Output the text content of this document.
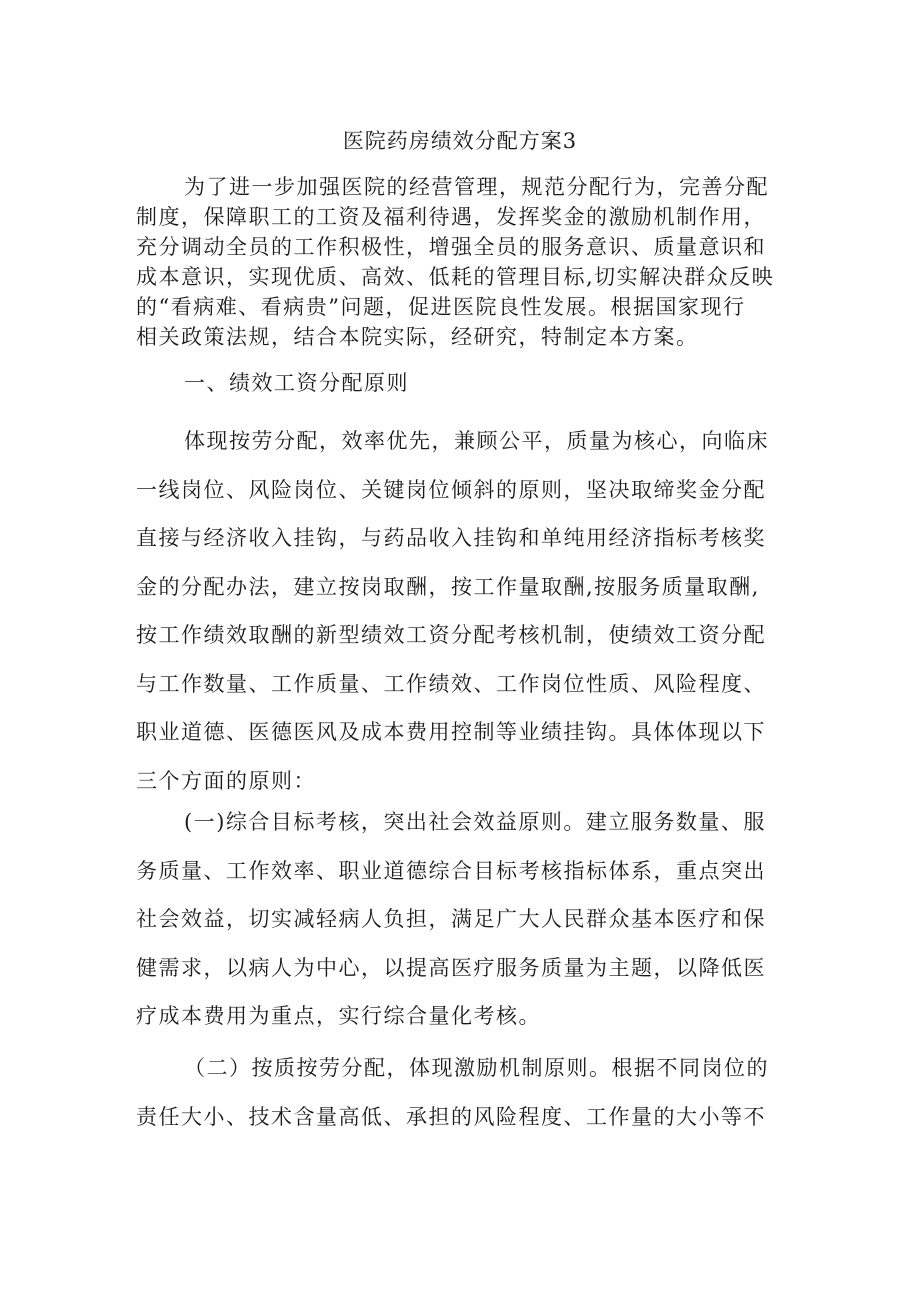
医院药房绩效分配方案3
为了进一步加强医院的经营管理，规范分配行为，完善分配
制度，保障职工的工资及福利待遇，发挥奖金的激励机制作用，
充分调动全员的工作积极性，增强全员的服务意识、质量意识和
成本意识，实现优质、高效、低耗的管理目标,切实解决群众反映
的“看病难、看病贵”问题，促进医院良性发展。根据国家现行
相关政策法规，结合本院实际，经研究，特制定本方案。
一、绩效工资分配原则
体现按劳分配，效率优先，兼顾公平，质量为核心，向临床
一线岗位、风险岗位、关键岗位倾斜的原则，坚决取缔奖金分配
直接与经济收入挂钩，与药品收入挂钩和单纯用经济指标考核奖
金的分配办法，建立按岗取酬，按工作量取酬,按服务质量取酬,
按工作绩效取酬的新型绩效工资分配考核机制，使绩效工资分配
与工作数量、工作质量、工作绩效、工作岗位性质、风险程度、
职业道德、医德医风及成本费用控制等业绩挂钩。具体体现以下
三个方面的原则：
(一)综合目标考核，突出社会效益原则。建立服务数量、服
务质量、工作效率、职业道德综合目标考核指标体系，重点突出
社会效益，切实减轻病人负担，满足广大人民群众基本医疗和保
健需求，以病人为中心，以提高医疗服务质量为主题，以降低医
疗成本费用为重点，实行综合量化考核。
（二）按质按劳分配，体现激励机制原则。根据不同岗位的
责任大小、技术含量高低、承担的风险程度、工作量的大小等不
